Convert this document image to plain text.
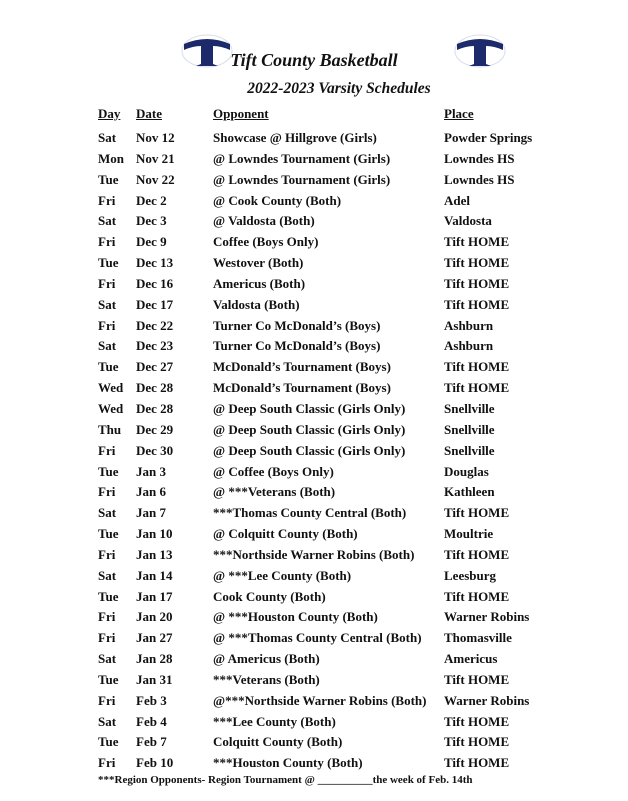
Tift County Basketball
2022-2023 Varsity Schedules
Day Date	Opponent	Place
Sat Nov 12	Showcase @ Hillgrove (Girls)	Powder Springs
Mon Nov 21	@ Lowndes Tournament (Girls)	Lowndes HS
Tue Nov 22	@ Lowndes Tournament (Girls)	Lowndes HS
Fri Dec 2	@ Cook County (Both)	Adel
Sat Dec 3	@ Valdosta (Both)	Valdosta
Fri Dec 9	Coffee (Boys Only)	Tift HOME
Tue Dec 13	Westover (Both)	Tift HOME
Fri Dec 16	Americus (Both)	Tift HOME
Sat Dec 17	Valdosta (Both)	Tift HOME
Fri Dec 22	Turner Co McDonald’s (Boys)	Ashburn
Sat Dec 23	Turner Co McDonald’s (Boys)	Ashburn
Tue Dec 27	McDonald’s Tournament (Boys)	Tift HOME
Wed Dec 28	McDonald’s Tournament (Boys)	Tift HOME
Wed Dec 28	@ Deep South Classic (Girls Only)	Snellville
Thu Dec 29	@ Deep South Classic (Girls Only)	Snellville
Fri Dec 30	@ Deep South Classic (Girls Only)	Snellville
Tue Jan 3	@ Coffee (Boys Only)	Douglas
Fri Jan 6	@ ***Veterans (Both)	Kathleen
Sat Jan 7	***Thomas County Central (Both)	Tift HOME
Tue Jan 10	@ Colquitt County (Both)	Moultrie
Fri Jan 13	***Northside Warner Robins (Both) Tift HOME
Sat Jan 14	@ ***Lee County (Both)	Leesburg
Tue Jan 17	Cook County (Both)	Tift HOME
Fri Jan 20	@ ***Houston County (Both)	Warner Robins
Fri Jan 27	@ ***Thomas County Central (Both) Thomasville
Sat Jan 28	@ Americus (Both)	Americus
Tue Jan 31	***Veterans (Both)	Tift HOME
Fri Feb 3	@***Northside Warner Robins (Both) Warner Robins
Sat Feb 4	***Lee County (Both)	Tift HOME
Tue Feb 7	Colquitt County (Both)	Tift HOME
Fri Feb 10	***Houston County (Both)	Tift HOME
***Region Opponents- Region Tournament @ __________the week of Feb. 14th
